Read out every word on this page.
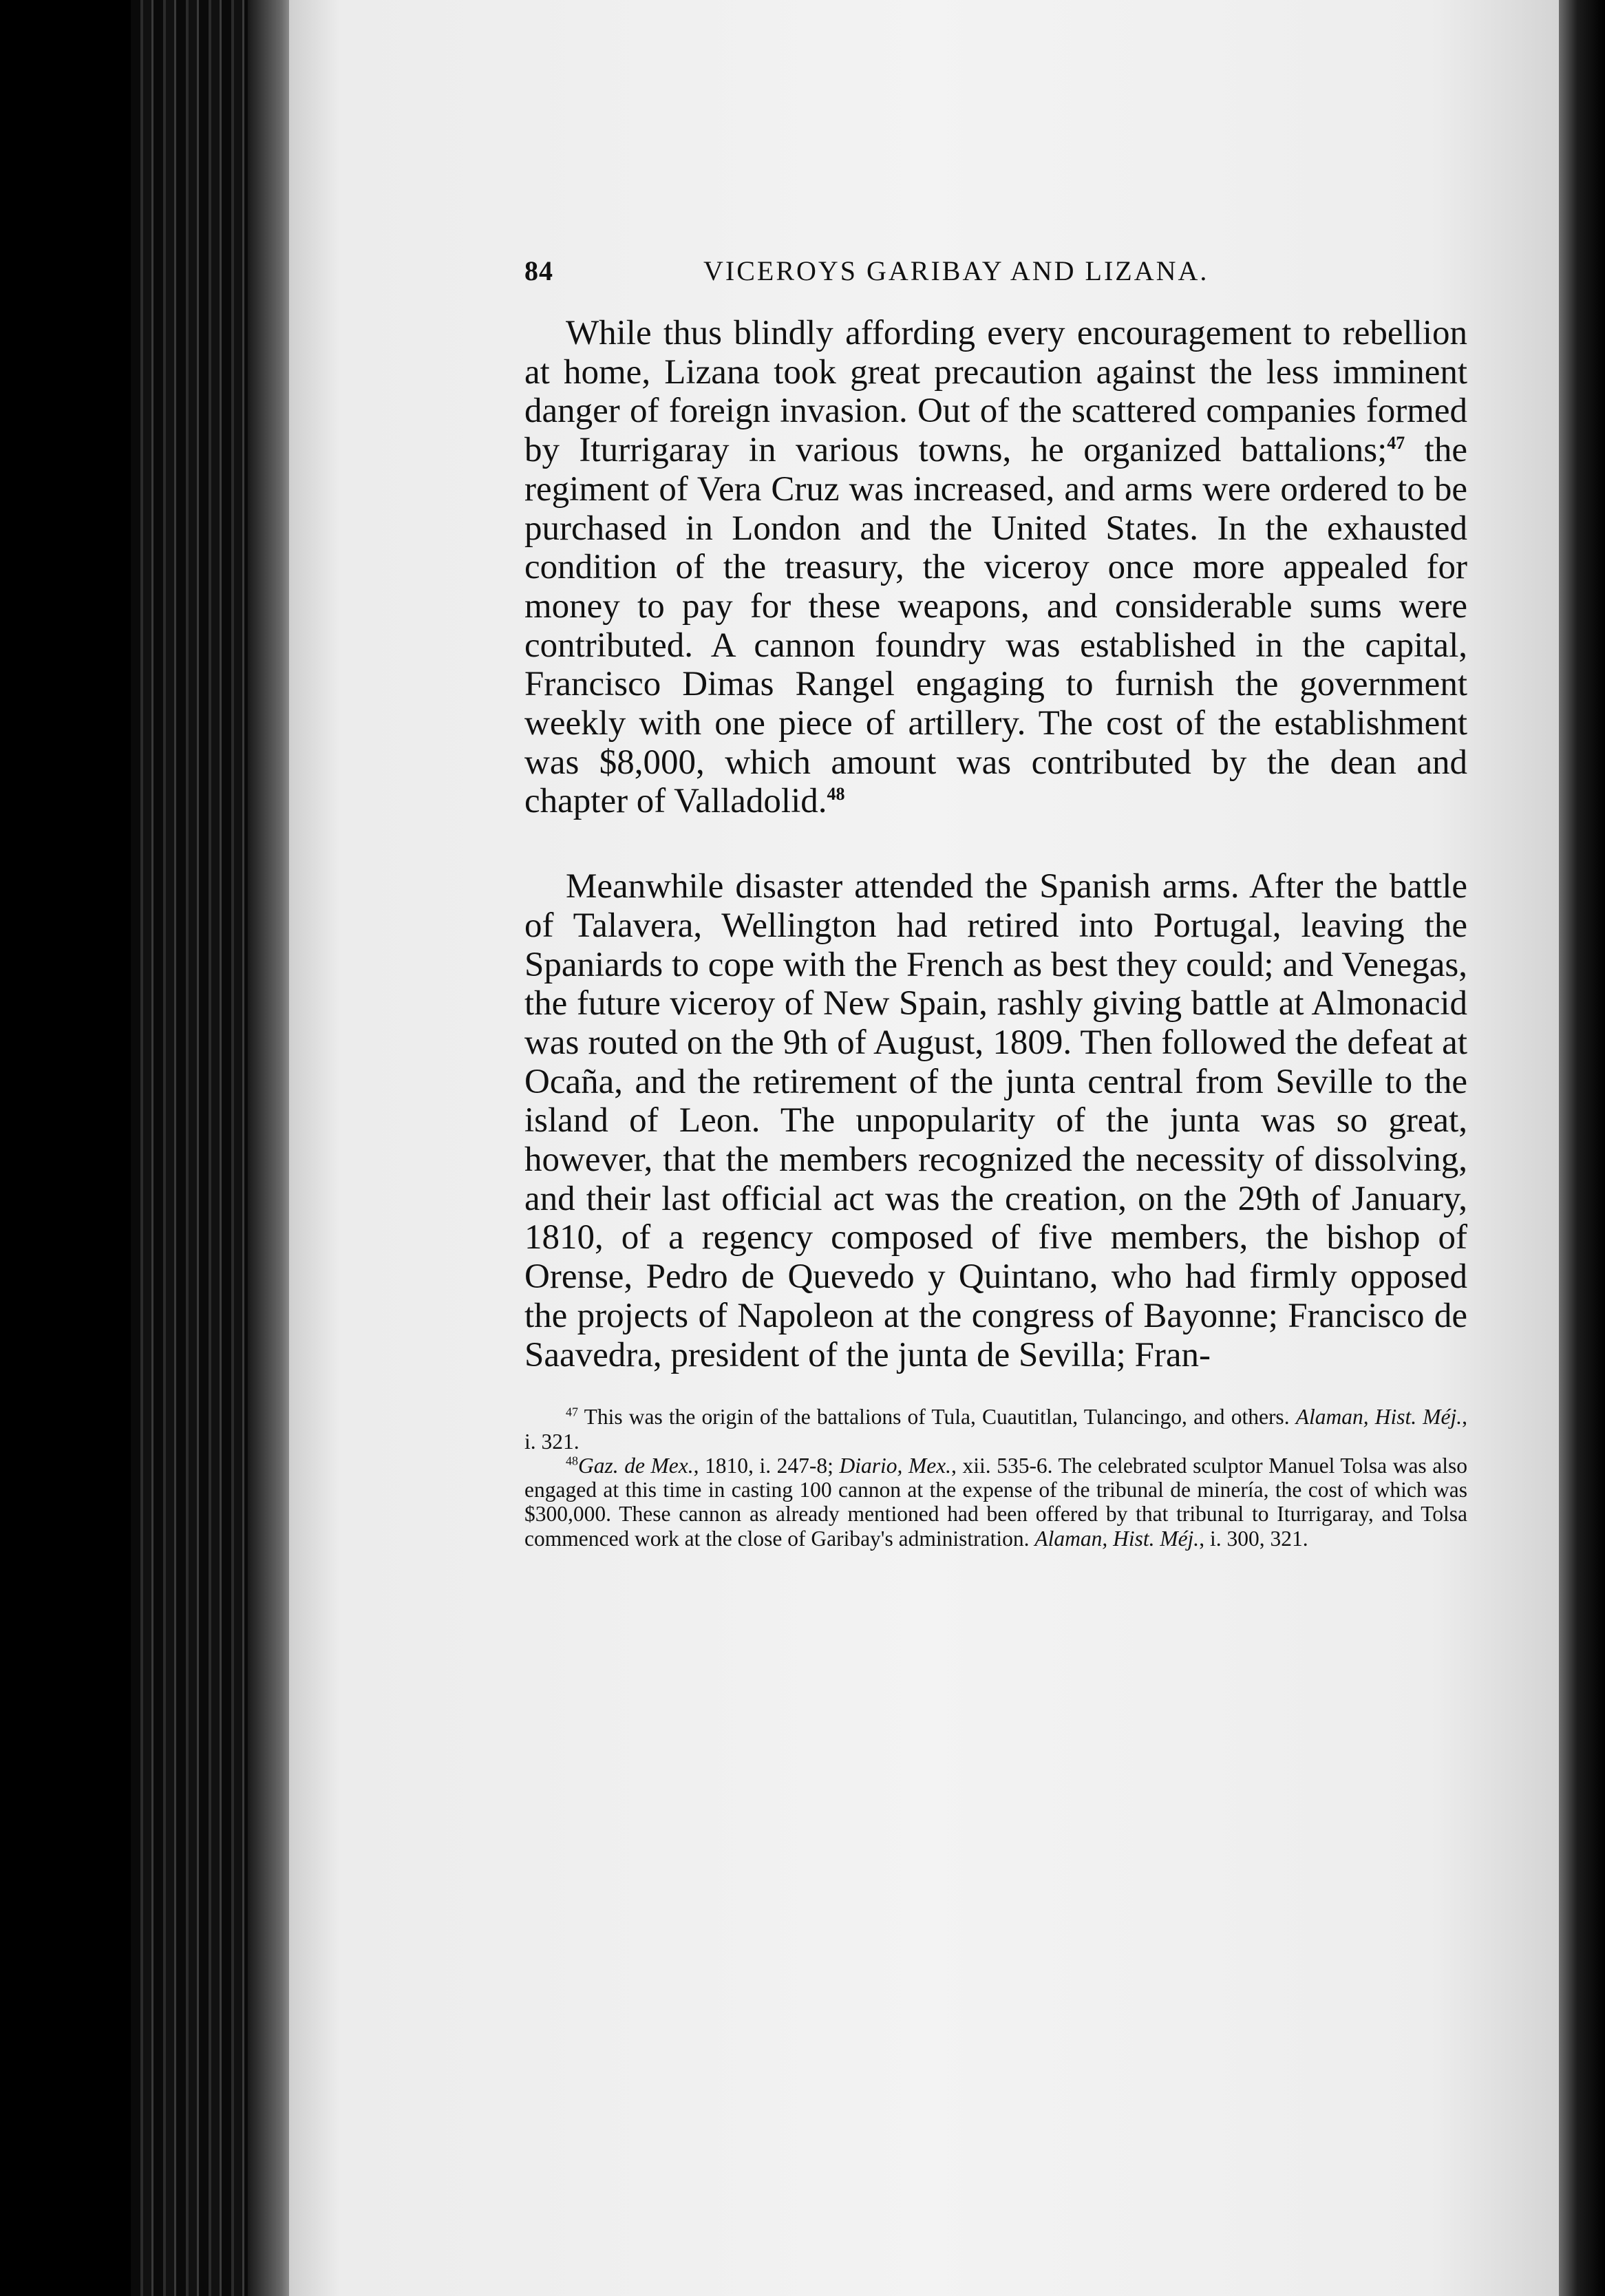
84	VICEROYS GARIBAY AND LIZANA.

While thus blindly affording every encouragement to rebellion at home, Lizana took great precaution against the less imminent danger of foreign invasion. Out of the scattered companies formed by Iturrigaray in various towns, he organized battalions;$^{47}$ the regiment of Vera Cruz was increased, and arms were ordered to be purchased in London and the United States. In the exhausted condition of the treasury, the viceroy once more appealed for money to pay for these weapons, and considerable sums were contributed. A cannon foundry was established in the capital, Francisco Dimas Rangel engaging to furnish the government weekly with one piece of artillery. The cost of the establishment was $8,000, which amount was contributed by the dean and chapter of Valladolid.$^{48}$

Meanwhile disaster attended the Spanish arms. After the battle of Talavera, Wellington had retired into Portugal, leaving the Spaniards to cope with the French as best they could; and Venegas, the future viceroy of New Spain, rashly giving battle at Almonacid was routed on the 9th of August, 1809. Then followed the defeat at Ocaña, and the retirement of the junta central from Seville to the island of Leon. The unpopularity of the junta was so great, however, that the members recognized the necessity of dissolving, and their last official act was the creation, on the 29th of January, 1810, of a regency composed of five members, the bishop of Orense, Pedro de Quevedo y Quintano, who had firmly opposed the projects of Napoleon at the congress of Bayonne; Francisco de Saavedra, president of the junta de Sevilla; Fran-

$^{47}$ This was the origin of the battalions of Tula, Cuautitlan, Tulancingo, and others. Alaman, Hist. Méj., i. 321.

$^{48}$Gaz. de Mex., 1810, i. 247-8; Diario, Mex., xii. 535-6. The celebrated sculptor Manuel Tolsa was also engaged at this time in casting 100 cannon at the expense of the tribunal de minería, the cost of which was $300,000. These cannon as already mentioned had been offered by that tribunal to Iturrigaray, and Tolsa commenced work at the close of Garibay's administration. Alaman, Hist. Méj., i. 300, 321.
